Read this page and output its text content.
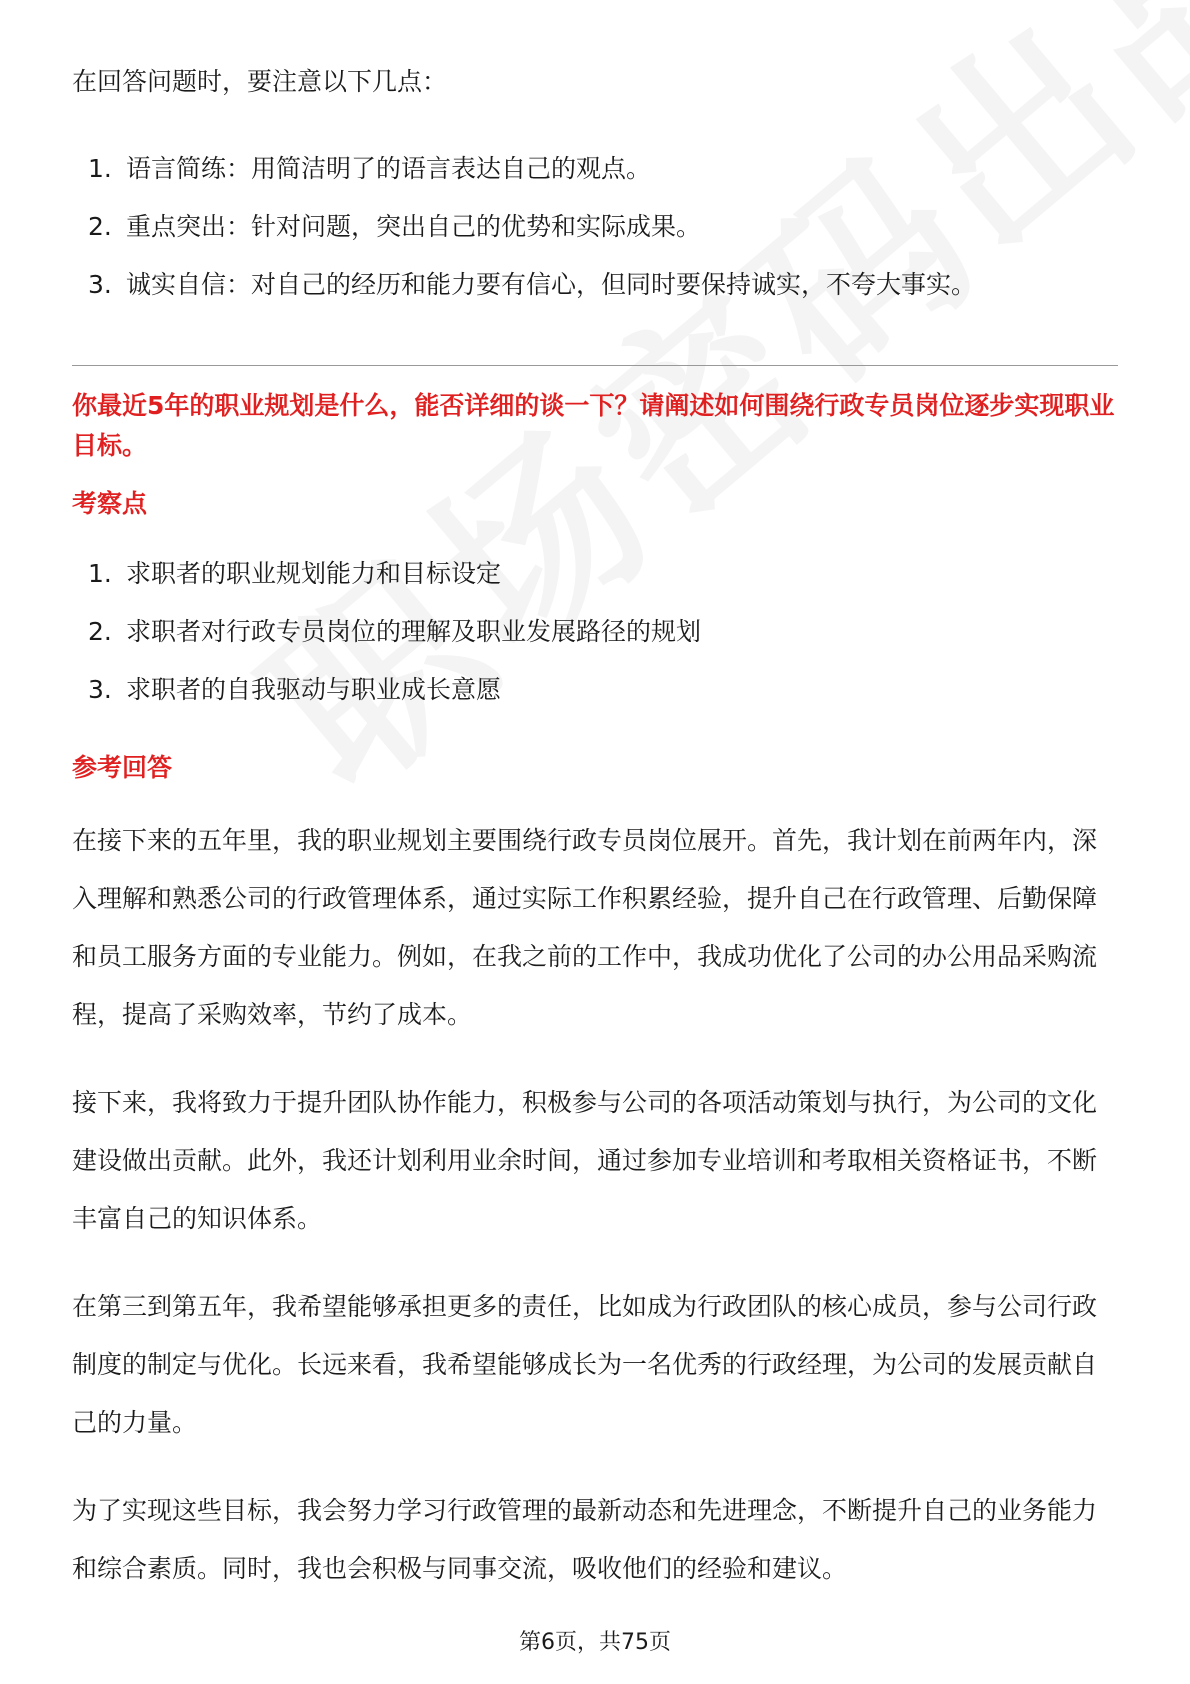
在回答问题时，要注意以下几点：
1. 语言简练：用简洁明了的语言表达自己的观点。
2. 重点突出：针对问题，突出自己的优势和实际成果。
3. 诚实自信：对自己的经历和能力要有信心，但同时要保持诚实，不夸大事实。
你最近5年的职业规划是什么，能否详细的谈一下？请阐述如何围绕行政专员岗位逐步实现职业目标。
考察点
1. 求职者的职业规划能力和目标设定
2. 求职者对行政专员岗位的理解及职业发展路径的规划
3. 求职者的自我驱动与职业成长意愿
参考回答

在接下来的五年里，我的职业规划主要围绕行政专员岗位展开。首先，我计划在前两年内，深入理解和熟悉公司的行政管理体系，通过实际工作积累经验，提升自己在行政管理、后勤保障和员工服务方面的专业能力。例如，在我之前的工作中，我成功优化了公司的办公用品采购流程，提高了采购效率，节约了成本。

接下来，我将致力于提升团队协作能力，积极参与公司的各项活动策划与执行，为公司的文化建设做出贡献。此外，我还计划利用业余时间，通过参加专业培训和考取相关资格证书，不断丰富自己的知识体系。

在第三到第五年，我希望能够承担更多的责任，比如成为行政团队的核心成员，参与公司行政制度的制定与优化。长远来看，我希望能够成长为一名优秀的行政经理，为公司的发展贡献自己的力量。

为了实现这些目标，我会努力学习行政管理的最新动态和先进理念，不断提升自己的业务能力和综合素质。同时，我也会积极与同事交流，吸收他们的经验和建议。

第6页，共75页
